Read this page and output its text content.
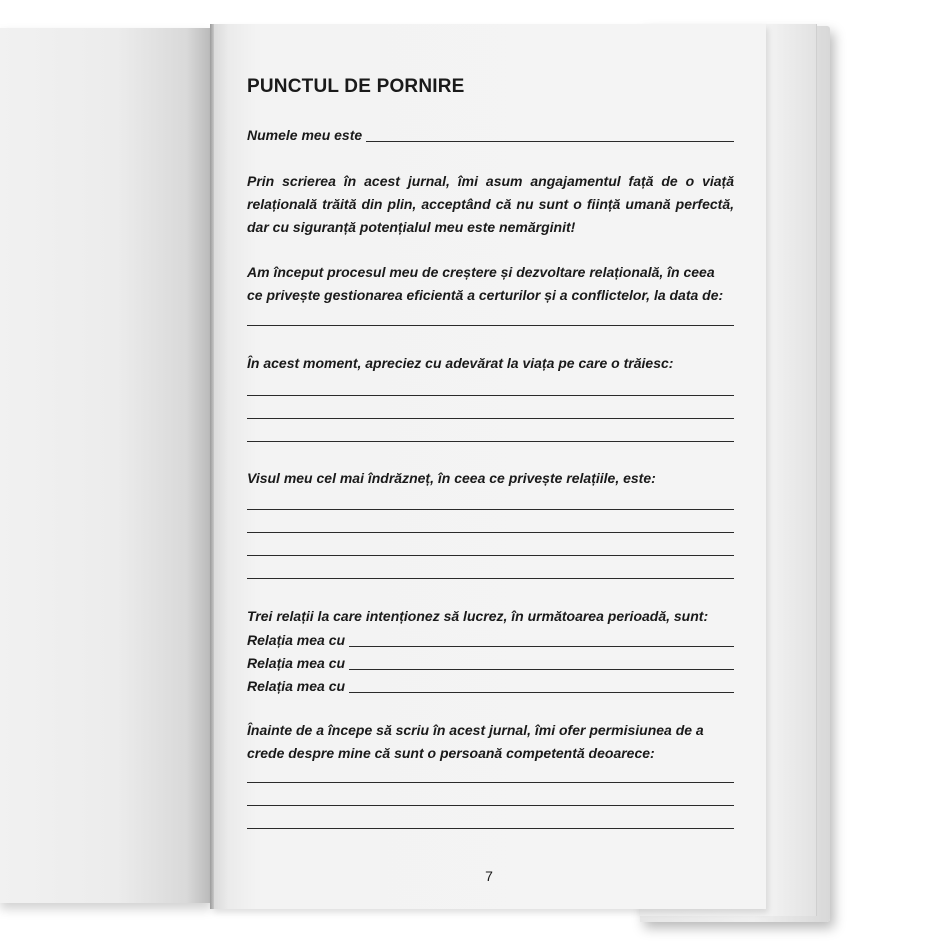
PUNCTUL DE PORNIRE
Numele meu este

Prin scrierea în acest jurnal, îmi asum angajamentul față de o viață relațională trăită din plin, acceptând că nu sunt o ființă umană perfectă, dar cu siguranță potențialul meu este nemărginit!

Am început procesul meu de creștere și dezvoltare relațională, în ceea ce privește gestionarea eficientă a certurilor și a conflictelor, la data de:

În acest moment, apreciez cu adevărat la viața pe care o trăiesc:

Visul meu cel mai îndrăzneț, în ceea ce privește relațiile, este:

Trei relații la care intenționez să lucrez, în următoarea perioadă, sunt:

Relația mea cu
Relația mea cu
Relația mea cu

Înainte de a începe să scriu în acest jurnal, îmi ofer permisiunea de a crede despre mine că sunt o persoană competentă deoarece:

7
